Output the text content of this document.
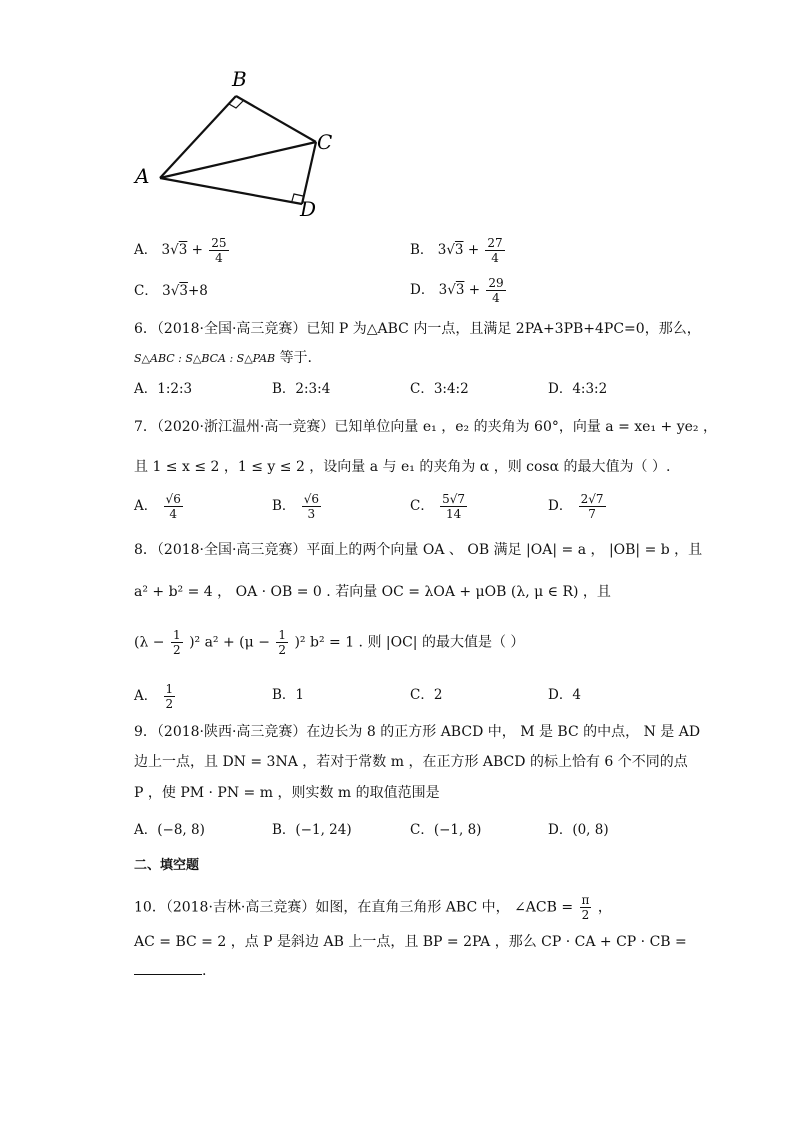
B
C
A
D
A． $3√3 + \frac{25}{4}$	B． $3√3 + \frac{27}{4}$
C． 3√3+8	D． $3√3 + \frac{29}{4}$
6．（2018·全国·高三竞赛）已知 P 为△ABC 内一点，且满足 2PA+3PB+4PC=0，那么，
S△ABC : S△BCA : S△PAB 等于.
A．1:2:3	B．2:3:4	C．3:4:2	D．4:3:2
7．（2020·浙江温州·高一竞赛）已知单位向量 e₁ ，e₂ 的夹角为 60°，向量 a = xe₁ + ye₂ ，
且 1 ≤ x ≤ 2 ，1 ≤ y ≤ 2 ，设向量 a 与 e₁ 的夹角为 α ，则 cosα 的最大值为（ ）.
A． $\frac{√6}{4}$	B． $\frac{√6}{3}$	C． $\frac{5√7}{14}$	D． $\frac{2√7}{7}$
8．（2018·全国·高三竞赛）平面上的两个向量 OA 、 OB 满足 |OA| = a ， |OB| = b ，且
a² + b² = 4 ， OA · OB = 0 . 若向量 OC = λOA + μOB (λ, μ ∈ R) ，且
$(\lambda - \frac{1}{2} )^2$ $a^2 + (\mu - \frac{1}{2} )^2$ b² = 1 . 则 |OC| 的最大值是（ ）
A． $\frac{1}{2}$	B．1	C．2	D．4
9．（2018·陕西·高三竞赛）在边长为 8 的正方形 ABCD 中， M 是 BC 的中点， N 是 AD
边上一点，且 DN = 3NA ，若对于常数 m ，在正方形 ABCD 的标上恰有 6 个不同的点
P ，使 PM · PN = m ，则实数 m 的取值范围是
A．(−8, 8)	B．(−1, 24)	C．(−1, 8)	D．(0, 8)
二、填空题
10．（2018·吉林·高三竞赛）如图，在直角三角形 ABC 中， ∠ACB = $\frac{\pi}{2}$ ，
AC = BC = 2 ，点 P 是斜边 AB 上一点，且 BP = 2PA ，那么 CP · CA + CP · CB =
.
